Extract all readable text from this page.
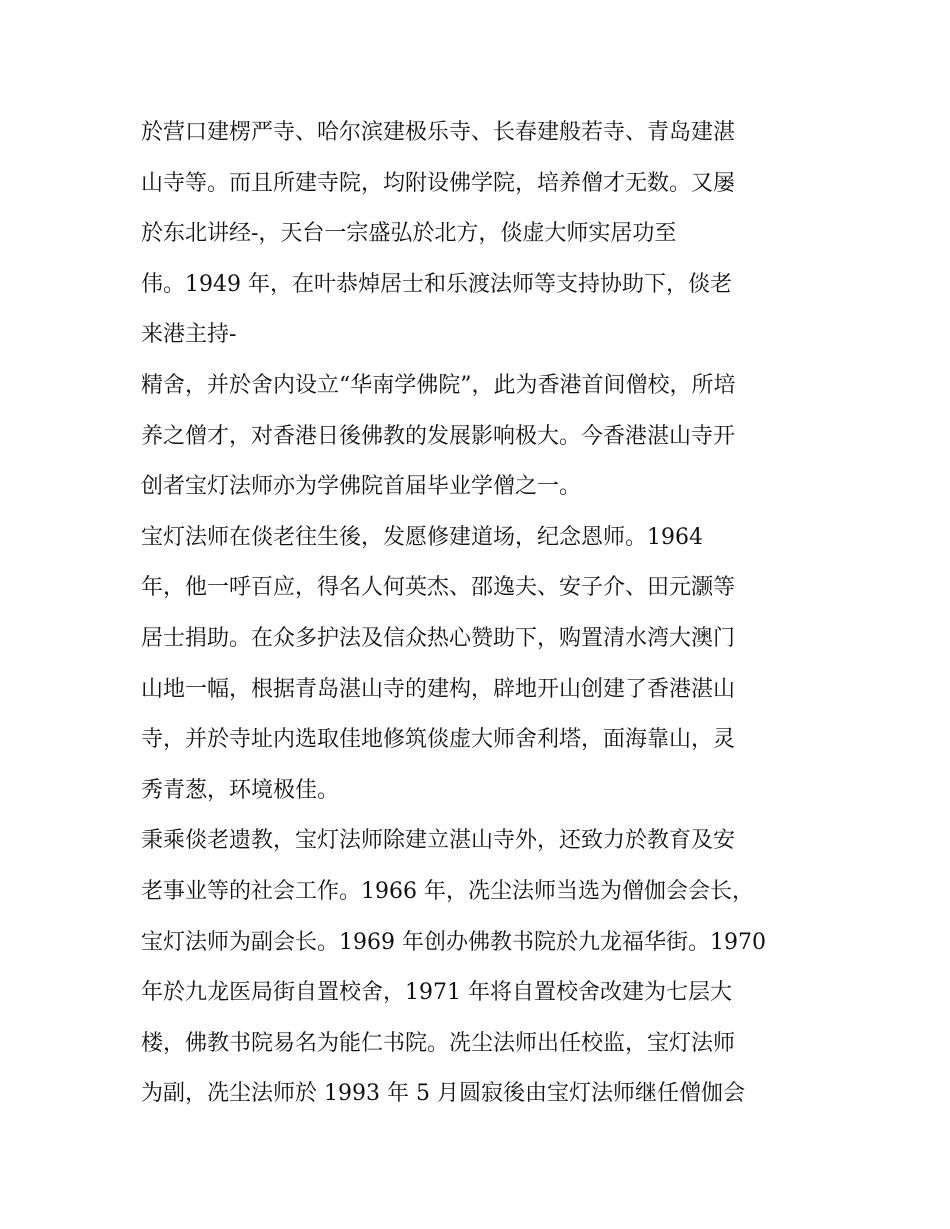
於营口建楞严寺、哈尔滨建极乐寺、长春建般若寺、青岛建湛
山寺等。而且所建寺院，均附设佛学院，培养僧才无数。又屡
於东北讲经-，天台一宗盛弘於北方，倓虚大师实居功至
伟。1949 年，在叶恭焯居士和乐渡法师等支持协助下，倓老
来港主持-
精舍，并於舍内设立“华南学佛院”，此为香港首间僧校，所培
养之僧才，对香港日後佛教的发展影响极大。今香港湛山寺开
创者宝灯法师亦为学佛院首届毕业学僧之一。
宝灯法师在倓老往生後，发愿修建道场，纪念恩师。1964
年，他一呼百应，得名人何英杰、邵逸夫、安子介、田元灏等
居士捐助。在众多护法及信众热心赞助下，购置清水湾大澳门
山地一幅，根据青岛湛山寺的建构，辟地开山创建了香港湛山
寺，并於寺址内选取佳地修筑倓虚大师舍利塔，面海靠山，灵
秀青葱，环境极佳。
秉乘倓老遗教，宝灯法师除建立湛山寺外，还致力於教育及安
老事业等的社会工作。1966 年，冼尘法师当选为僧伽会会长，
宝灯法师为副会长。1969 年创办佛教书院於九龙福华街。1970
年於九龙医局街自置校舍，1971 年将自置校舍改建为七层大
楼，佛教书院易名为能仁书院。冼尘法师出任校监，宝灯法师
为副，冼尘法师於 1993 年 5 月圆寂後由宝灯法师继任僧伽会
